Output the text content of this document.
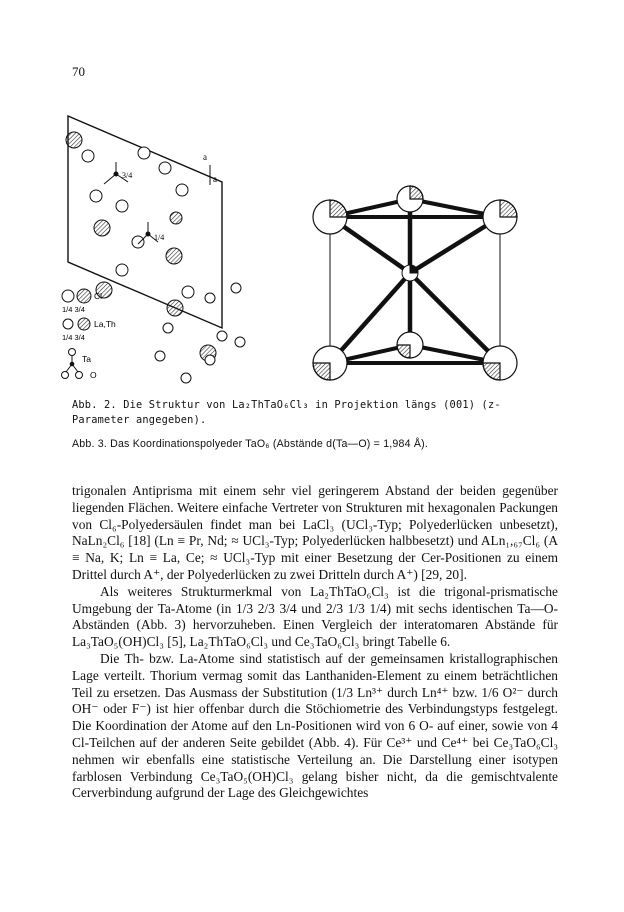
70
a
a
3/4
1/4
Cl
1/4 3/4
La,Th
1/4 3/4
Ta
O
Abb. 2. Die Struktur von La₂ThTaO₆Cl₃ in Projektion längs (001) (z-Parameter angegeben).
Abb. 3. Das Koordinationspolyeder TaO₆ (Abstände d(Ta—O) = 1,984 Å).

trigonalen Antiprisma mit einem sehr viel geringerem Abstand der beiden gegenüber liegenden Flächen. Weitere einfache Vertreter von Strukturen mit hexagonalen Packungen von Cl₆-Polyedersäulen findet man bei LaCl₃ (UCl₃-Typ; Polyederlücken unbesetzt), NaLn₂Cl₆ [18] (Ln ≡ Pr, Nd; ≈ UCl₃-Typ; Polyederlücken halbbesetzt) und ALn₁,₆₇Cl₆ (A ≡ Na, K; Ln ≡ La, Ce; ≈ UCl₃-Typ mit einer Besetzung der Cer-Positionen zu einem Drittel durch A⁺, der Polyederlücken zu zwei Dritteln durch A⁺) [29, 20].

Als weiteres Strukturmerkmal von La₂ThTaO₆Cl₃ ist die trigonal-prismatische Umgebung der Ta-Atome (in 1/3 2/3 3/4 und 2/3 1/3 1/4) mit sechs identischen Ta—O-Abständen (Abb. 3) hervorzuheben. Einen Vergleich der interatomaren Abstände für La₃TaO₅(OH)Cl₃ [5], La₂ThTaO₆Cl₃ und Ce₃TaO₆Cl₃ bringt Tabelle 6.

Die Th- bzw. La-Atome sind statistisch auf der gemeinsamen kristallographischen Lage verteilt. Thorium vermag somit das Lanthaniden-Element zu einem beträchtlichen Teil zu ersetzen. Das Ausmass der Substitution (1/3 Ln³⁺ durch Ln⁴⁺ bzw. 1/6 O²⁻ durch OH⁻ oder F⁻) ist hier offenbar durch die Stöchiometrie des Verbindungstyps festgelegt. Die Koordination der Atome auf den Ln-Positionen wird von 6 O- auf einer, sowie von 4 Cl-Teilchen auf der anderen Seite gebildet (Abb. 4). Für Ce³⁺ und Ce⁴⁺ bei Ce₃TaO₆Cl₃ nehmen wir ebenfalls eine statistische Verteilung an. Die Darstellung einer isotypen farblosen Verbindung Ce₃TaO₅(OH)Cl₃ gelang bisher nicht, da die gemischtvalente Cerverbindung aufgrund der Lage des Gleichgewichtes
